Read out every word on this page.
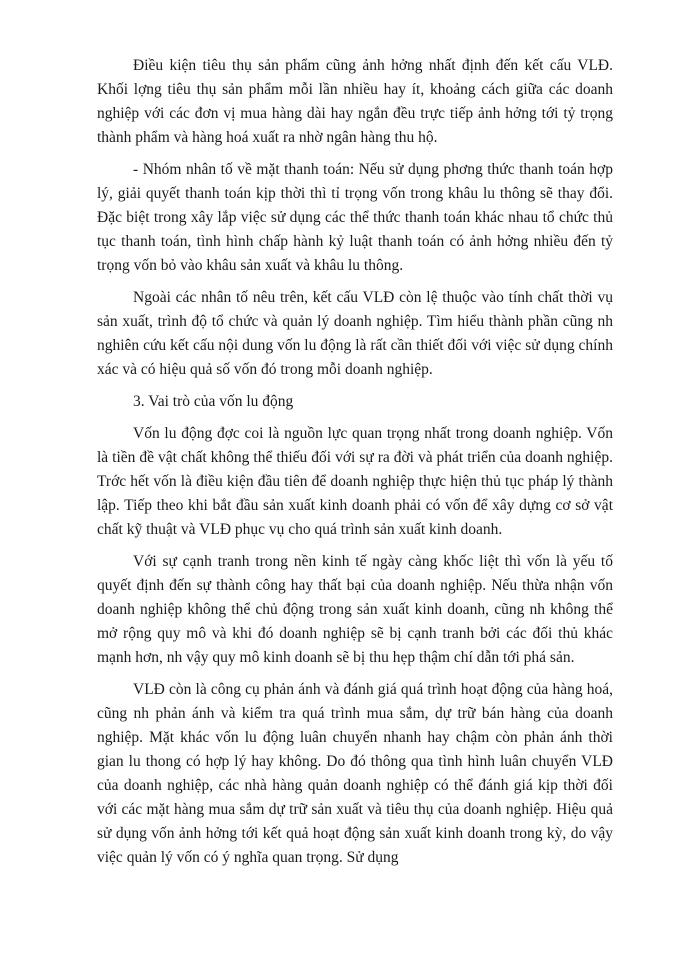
Điều kiện tiêu thụ sản phẩm cũng ảnh hởng nhất định đến kết cấu VLĐ. Khối lợng tiêu thụ sản phẩm mỗi lần nhiều hay ít, khoảng cách giữa các doanh nghiệp với các đơn vị mua hàng dài hay ngắn đều trực tiếp ảnh hởng tới tỷ trọng thành phẩm và hàng hoá xuất ra nhờ ngân hàng thu hộ.

- Nhóm nhân tố về mặt thanh toán: Nếu sử dụng phơng thức thanh toán hợp lý, giải quyết thanh toán kịp thời thì tỉ trọng vốn trong khâu lu thông sẽ thay đổi. Đặc biệt trong xây lắp việc sử dụng các thể thức thanh toán khác nhau tổ chức thủ tục thanh toán, tình hình chấp hành kỷ luật thanh toán có ảnh hởng nhiều đến tỷ trọng vốn bỏ vào khâu sản xuất và khâu lu thông.

Ngoài các nhân tố nêu trên, kết cấu VLĐ còn lệ thuộc vào tính chất thời vụ sản xuất, trình độ tổ chức và quản lý doanh nghiệp. Tìm hiểu thành phần cũng nh nghiên cứu kết cấu nội dung vốn lu động là rất cần thiết đối với việc sử dụng chính xác và có hiệu quả số vốn đó trong mỗi doanh nghiệp.

3. Vai trò của vốn lu động

Vốn lu động đợc coi là nguồn lực quan trọng nhất trong doanh nghiệp. Vốn là tiền đề vật chất không thể thiếu đối với sự ra đời và phát triển của doanh nghiệp. Trớc hết vốn là điều kiện đầu tiên để doanh nghiệp thực hiện thủ tục pháp lý thành lập. Tiếp theo khi bắt đầu sản xuất kinh doanh phải có vốn để xây dựng cơ sở vật chất kỹ thuật và VLĐ phục vụ cho quá trình sản xuất kinh doanh.

Với sự cạnh tranh trong nền kinh tế ngày càng khốc liệt thì vốn là yếu tố quyết định đến sự thành công hay thất bại của doanh nghiệp. Nếu thừa nhận vốn doanh nghiệp không thể chủ động trong sản xuất kinh doanh, cũng nh không thể mở rộng quy mô và khi đó doanh nghiệp sẽ bị cạnh tranh bởi các đối thủ khác mạnh hơn, nh vậy quy mô kinh doanh sẽ bị thu hẹp thậm chí dẫn tới phá sản.

VLĐ còn là công cụ phản ánh và đánh giá quá trình hoạt động của hàng hoá, cũng nh phản ánh và kiểm tra quá trình mua sắm, dự trữ bán hàng của doanh nghiệp. Mặt khác vốn lu động luân chuyển nhanh hay chậm còn phản ánh thời gian lu thong có hợp lý hay không. Do đó thông qua tình hình luân chuyển VLĐ của doanh nghiệp, các nhà hàng quản doanh nghiệp có thể đánh giá kịp thời đối với các mặt hàng mua sắm dự trữ sản xuất và tiêu thụ của doanh nghiệp. Hiệu quả sử dụng vốn ảnh hởng tới kết quả hoạt động sản xuất kinh doanh trong kỳ, do vậy việc quản lý vốn có ý nghĩa quan trọng. Sử dụng
